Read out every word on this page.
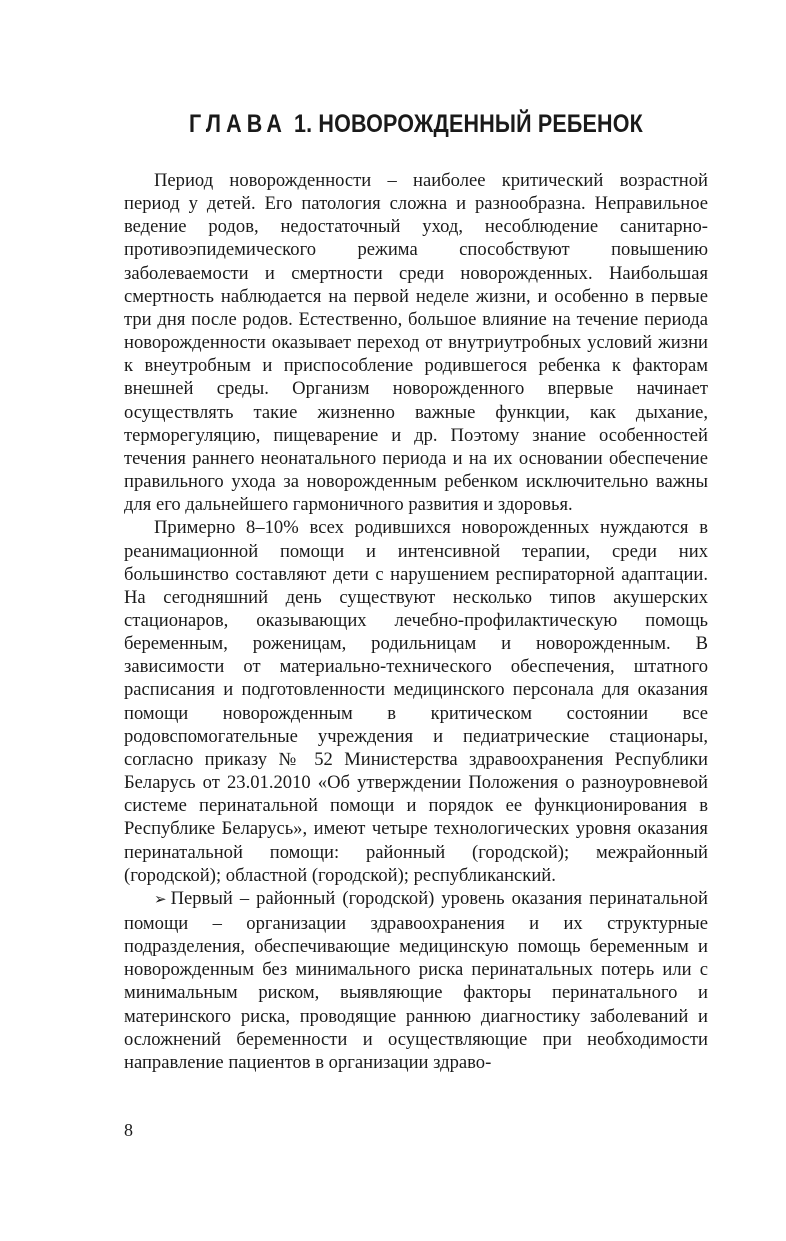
ГЛАВА 1. НОВОРОЖДЕННЫЙ РЕБЕНОК

Период новорожденности – наиболее критический возрастной период у детей. Его патология сложна и разнообразна. Неправильное ведение родов, недостаточный уход, несоблюдение санитарно-противоэпидемического режима способствуют повышению заболеваемости и смертности среди новорожденных. Наибольшая смертность наблюдается на первой неделе жизни, и особенно в первые три дня после родов. Естественно, большое влияние на течение периода новорожденности оказывает переход от внутриутробных условий жизни к внеутробным и приспособление родившегося ребенка к факторам внешней среды. Организм новорожденного впервые начинает осуществлять такие жизненно важные функции, как дыхание, терморегуляцию, пищеварение и др. Поэтому знание особенностей течения раннего неонатального периода и на их основании обеспечение правильного ухода за новорожденным ребенком исключительно важны для его дальнейшего гармоничного развития и здоровья.

Примерно 8–10% всех родившихся новорожденных нуждаются в реанимационной помощи и интенсивной терапии, среди них большинство составляют дети с нарушением респираторной адаптации. На сегодняшний день существуют несколько типов акушерских стационаров, оказывающих лечебно-профилактическую помощь беременным, роженицам, родильницам и новорожденным. В зависимости от материально-технического обеспечения, штатного расписания и подготовленности медицинского персонала для оказания помощи новорожденным в критическом состоянии все родовспомогательные учреждения и педиатрические стационары, согласно приказу № 52 Министерства здравоохранения Республики Беларусь от 23.01.2010 «Об утверждении Положения о разноуровневой системе перинатальной помощи и порядок ее функционирования в Республике Беларусь», имеют четыре технологических уровня оказания перинатальной помощи: районный (городской); межрайонный (городской); областной (городской); республиканский.

➢ Первый – районный (городской) уровень оказания перинатальной помощи – организации здравоохранения и их структурные подразделения, обеспечивающие медицинскую помощь беременным и новорожденным без минимального риска перинатальных потерь или с минимальным риском, выявляющие факторы перинатального и материнского риска, проводящие раннюю диагностику заболеваний и осложнений беременности и осуществляющие при необходимости направление пациентов в организации здраво-

8
